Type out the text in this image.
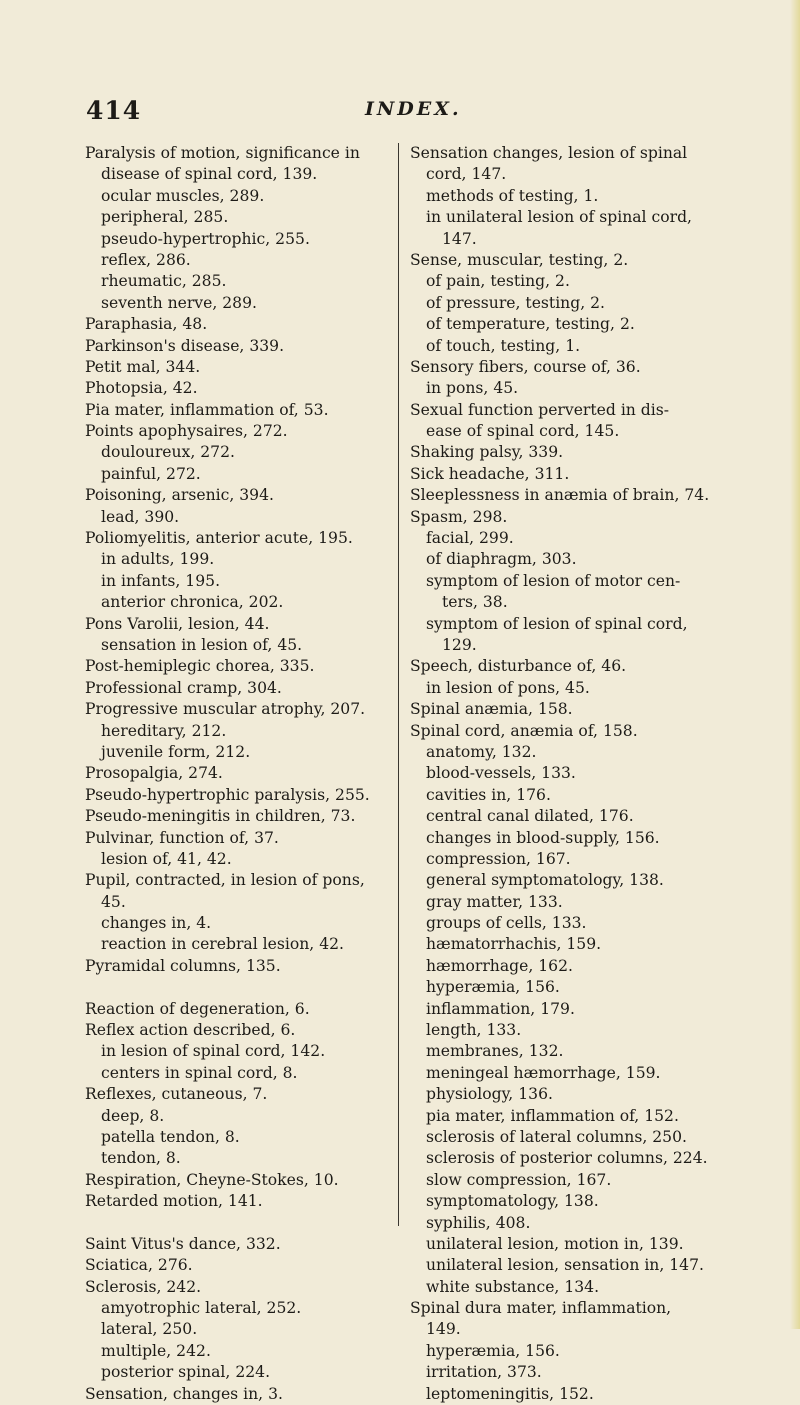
414	INDEX.
Paralysis of motion, significance in
disease of spinal cord, 139.
ocular muscles, 289.
peripheral, 285.
pseudo-hypertrophic, 255.
reflex, 286.
rheumatic, 285.
seventh nerve, 289.
Paraphasia, 48.
Parkinson's disease, 339.
Petit mal, 344.
Photopsia, 42.
Pia mater, inflammation of, 53.
Points apophysaires, 272.
douloureux, 272.
painful, 272.
Poisoning, arsenic, 394.
lead, 390.
Poliomyelitis, anterior acute, 195.
in adults, 199.
in infants, 195.
anterior chronica, 202.
Pons Varolii, lesion, 44.
sensation in lesion of, 45.
Post-hemiplegic chorea, 335.
Professional cramp, 304.
Progressive muscular atrophy, 207.
hereditary, 212.
juvenile form, 212.
Prosopalgia, 274.
Pseudo-hypertrophic paralysis, 255.
Pseudo-meningitis in children, 73.
Pulvinar, function of, 37.
lesion of, 41, 42.
Pupil, contracted, in lesion of pons,
45.
changes in, 4.
reaction in cerebral lesion, 42.
Pyramidal columns, 135.
Reaction of degeneration, 6.
Reflex action described, 6.
in lesion of spinal cord, 142.
centers in spinal cord, 8.
Reflexes, cutaneous, 7.
deep, 8.
patella tendon, 8.
tendon, 8.
Respiration, Cheyne-Stokes, 10.
Retarded motion, 141.
Saint Vitus's dance, 332.
Sciatica, 276.
Sclerosis, 242.
amyotrophic lateral, 252.
lateral, 250.
multiple, 242.
posterior spinal, 224.
Sensation, changes in, 3.
Sensation changes, lesion of spinal
cord, 147.
methods of testing, 1.
in unilateral lesion of spinal cord,
147.
Sense, muscular, testing, 2.
of pain, testing, 2.
of pressure, testing, 2.
of temperature, testing, 2.
of touch, testing, 1.
Sensory fibers, course of, 36.
in pons, 45.
Sexual function perverted in dis-
ease of spinal cord, 145.
Shaking palsy, 339.
Sick headache, 311.
Sleeplessness in anæmia of brain, 74.
Spasm, 298.
facial, 299.
of diaphragm, 303.
symptom of lesion of motor cen-
ters, 38.
symptom of lesion of spinal cord,
129.
Speech, disturbance of, 46.
in lesion of pons, 45.
Spinal anæmia, 158.
Spinal cord, anæmia of, 158.
anatomy, 132.
blood-vessels, 133.
cavities in, 176.
central canal dilated, 176.
changes in blood-supply, 156.
compression, 167.
general symptomatology, 138.
gray matter, 133.
groups of cells, 133.
hæmatorrhachis, 159.
hæmorrhage, 162.
hyperæmia, 156.
inflammation, 179.
length, 133.
membranes, 132.
meningeal hæmorrhage, 159.
physiology, 136.
pia mater, inflammation of, 152.
sclerosis of lateral columns, 250.
sclerosis of posterior columns, 224.
slow compression, 167.
symptomatology, 138.
syphilis, 408.
unilateral lesion, motion in, 139.
unilateral lesion, sensation in, 147.
white substance, 134.
Spinal dura mater, inflammation,
149.
hyperæmia, 156.
irritation, 373.
leptomeningitis, 152.
